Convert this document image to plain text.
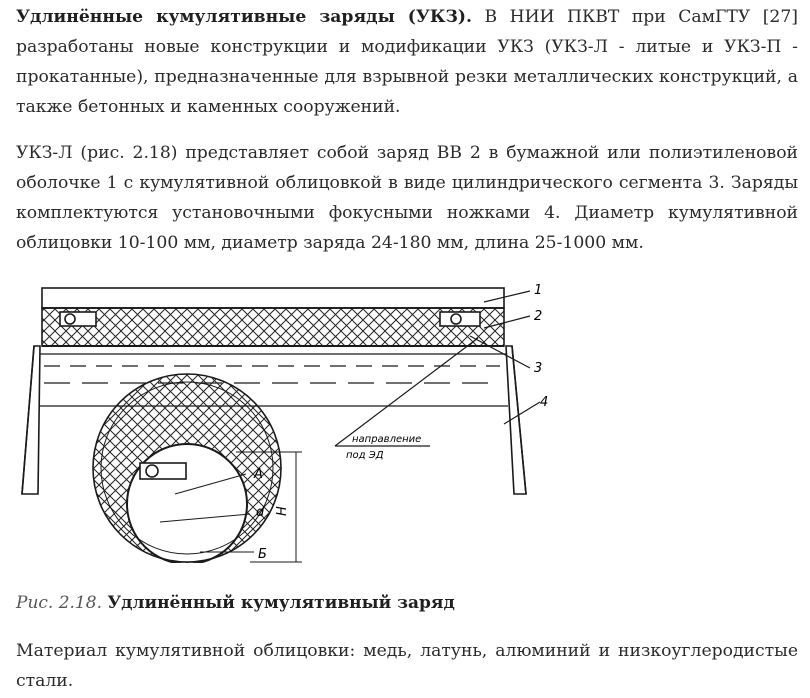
Удлинённые кумулятивные заряды (УКЗ). В НИИ ПКВТ при СамГТУ [27] разработаны новые конструкции и модификации УКЗ (УКЗ-Л - литые и УКЗ-П - прокатанные), предназначенные для взрывной резки металлических конструкций, а также бетонных и каменных сооружений.

УКЗ-Л (рис. 2.18) представляет собой заряд ВВ 2 в бумажной или полиэтиленовой оболочке 1 с кумулятивной облицовкой в виде цилиндрического сегмента 3. Заряды комплектуются установочными фокусными ножками 4. Диаметр кумулятивной облицовки 10-100 мм, диаметр заряда 24-180 мм, длина 25-1000 мм.

1
2
3
4
направление
под ЭД
A
d
Б
H

Рис. 2.18. Удлинённый кумулятивный заряд

Материал кумулятивной облицовки: медь, латунь, алюминий и низкоуглеродистые стали.
